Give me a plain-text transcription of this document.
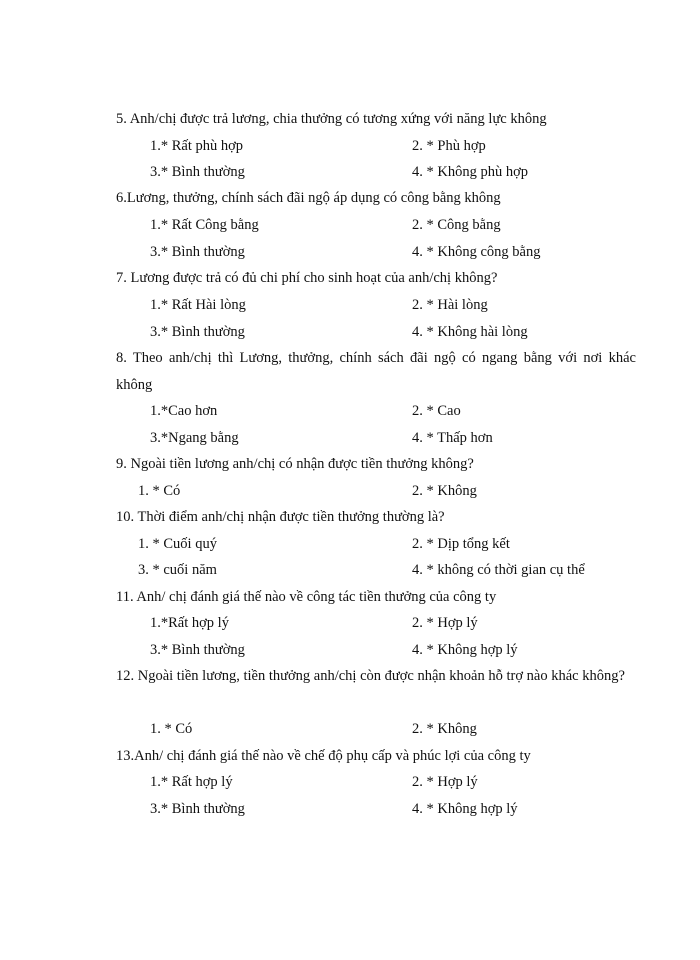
5. Anh/chị được trả lương, chia thưởng có tương xứng với năng lực không

1.* Rất phù hợp	2. * Phù hợp

3.* Bình thường	4. * Không phù hợp

6.Lương, thưởng, chính sách đãi ngộ áp dụng có công bằng không

1.* Rất Công bằng	2. * Công bằng

3.* Bình thường	4. * Không công bằng

7. Lương được trả có đủ chi phí cho sinh hoạt của anh/chị không?

1.* Rất Hài lòng	2. * Hài lòng

3.* Bình thường	4. * Không hài lòng

8. Theo anh/chị thì Lương, thưởng, chính sách đãi ngộ có ngang bằng với nơi khác không

1.*Cao hơn	2. * Cao

3.*Ngang bằng	4. * Thấp hơn

9. Ngoài tiền lương anh/chị có nhận được tiền thưởng không?

1. * Có	2. * Không

10. Thời điểm anh/chị nhận được tiền thưởng thường là?

1. * Cuối quý	2. * Dịp tổng kết

3. * cuối năm	4. * không có thời gian cụ thể

11. Anh/ chị đánh giá thế nào về công tác tiền thưởng của công ty

1.*Rất hợp lý	2. * Hợp lý

3.* Bình thường	4. * Không hợp lý

12. Ngoài tiền lương, tiền thưởng anh/chị còn được nhận khoản hỗ trợ nào khác không?

1. * Có	2. * Không

13.Anh/ chị đánh giá thế nào về chế độ phụ cấp và phúc lợi của công ty

1.* Rất hợp lý	2. * Hợp lý

3.* Bình thường	4. * Không hợp lý
